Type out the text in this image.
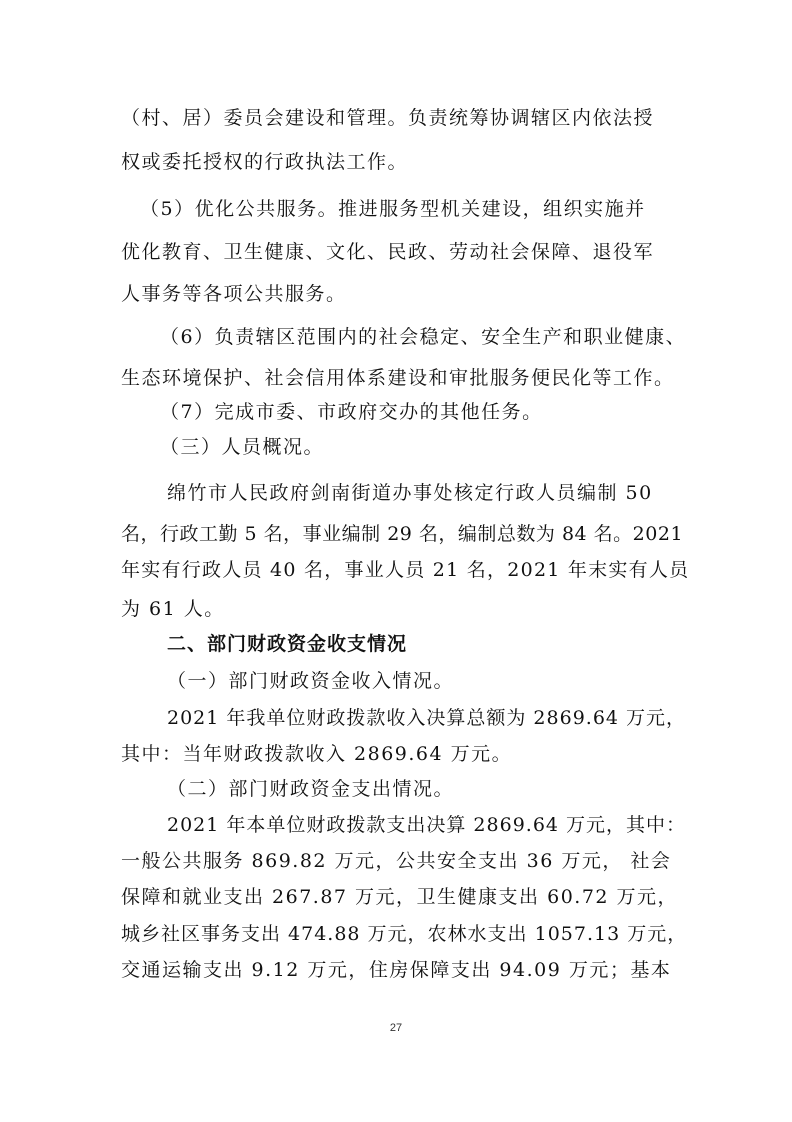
（村、居）委员会建设和管理。负责统筹协调辖区内依法授
权或委托授权的行政执法工作。
（5）优化公共服务。推进服务型机关建设，组织实施并
优化教育、卫生健康、文化、民政、劳动社会保障、退役军
人事务等各项公共服务。
（6）负责辖区范围内的社会稳定、安全生产和职业健康、
生态环境保护、社会信用体系建设和审批服务便民化等工作。
（7）完成市委、市政府交办的其他任务。
（三）人员概况。
绵竹市人民政府剑南街道办事处核定行政人员编制 50
名，行政工勤 5 名，事业编制 29 名，编制总数为 84 名。2021
年实有行政人员 40 名，事业人员 21 名，2021 年末实有人员
为 61 人。
二、部门财政资金收支情况
（一）部门财政资金收入情况。
2021 年我单位财政拨款收入决算总额为 2869.64 万元，
其中：当年财政拨款收入 2869.64 万元。
（二）部门财政资金支出情况。
2021 年本单位财政拨款支出决算 2869.64 万元，其中：
一般公共服务 869.82 万元，公共安全支出 36 万元， 社会
保障和就业支出 267.87 万元，卫生健康支出 60.72 万元，
城乡社区事务支出 474.88 万元，农林水支出 1057.13 万元，
交通运输支出 9.12 万元，住房保障支出 94.09 万元；基本
27
